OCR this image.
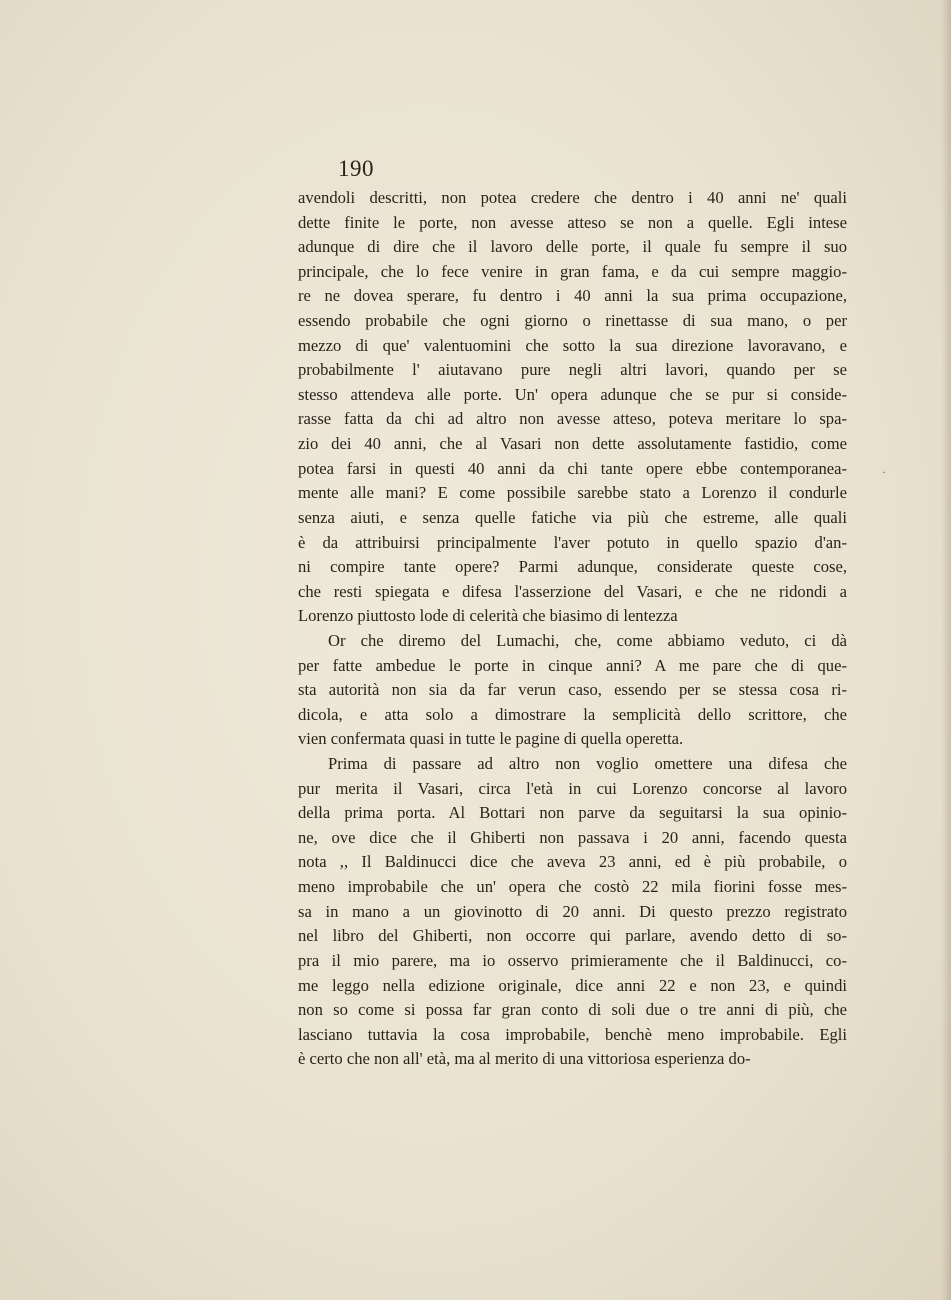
·
190
avendoli descritti, non potea credere che dentro i 40 anni ne' quali
dette finite le porte, non avesse atteso se non a quelle. Egli intese
adunque di dire che il lavoro delle porte, il quale fu sempre il suo
principale, che lo fece venire in gran fama, e da cui sempre maggio-
re ne dovea sperare, fu dentro i 40 anni la sua prima occupazione,
essendo probabile che ogni giorno o rinettasse di sua mano, o per
mezzo di que' valentuomini che sotto la sua direzione lavoravano, e
probabilmente l' aiutavano pure negli altri lavori, quando per se
stesso attendeva alle porte. Un' opera adunque che se pur si conside-
rasse fatta da chi ad altro non avesse atteso, poteva meritare lo spa-
zio dei 40 anni, che al Vasari non dette assolutamente fastidio, come
potea farsi in questi 40 anni da chi tante opere ebbe contemporanea-
mente alle mani? E come possibile sarebbe stato a Lorenzo il condurle
senza aiuti, e senza quelle fatiche via più che estreme, alle quali
è da attribuirsi principalmente l'aver potuto in quello spazio d'an-
ni compire tante opere? Parmi adunque, considerate queste cose,
che resti spiegata e difesa l'asserzione del Vasari, e che ne ridondi a
Lorenzo piuttosto lode di celerità che biasimo di lentezza
Or che diremo del Lumachi, che, come abbiamo veduto, ci dà
per fatte ambedue le porte in cinque anni? A me pare che di que-
sta autorità non sia da far verun caso, essendo per se stessa cosa ri-
dicola, e atta solo a dimostrare la semplicità dello scrittore, che
vien confermata quasi in tutte le pagine di quella operetta.
Prima di passare ad altro non voglio omettere una difesa che
pur merita il Vasari, circa l'età in cui Lorenzo concorse al lavoro
della prima porta. Al Bottari non parve da seguitarsi la sua opinio-
ne, ove dice che il Ghiberti non passava i 20 anni, facendo questa
nota ,, Il Baldinucci dice che aveva 23 anni, ed è più probabile, o
meno improbabile che un' opera che costò 22 mila fiorini fosse mes-
sa in mano a un giovinotto di 20 anni. Di questo prezzo registrato
nel libro del Ghiberti, non occorre qui parlare, avendo detto di so-
pra il mio parere, ma io osservo primieramente che il Baldinucci, co-
me leggo nella edizione originale, dice anni 22 e non 23, e quindi
non so come si possa far gran conto di soli due o tre anni di più, che
lasciano tuttavia la cosa improbabile, benchè meno improbabile. Egli
è certo che non all' età, ma al merito di una vittoriosa esperienza do-
